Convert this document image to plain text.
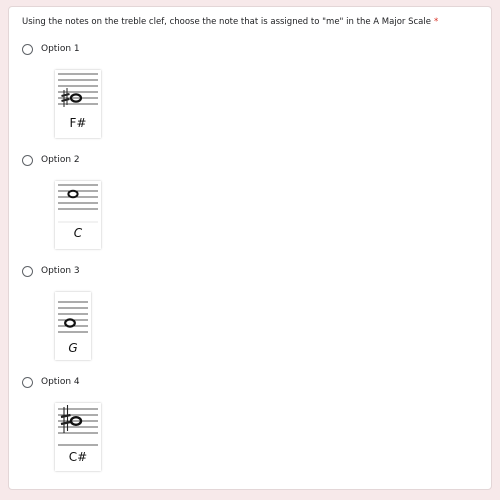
Using the notes on the treble clef, choose the note that is assigned to "me" in the A Major Scale *
Option 1
F#
Option 2
C
Option 3
G
Option 4
C#
